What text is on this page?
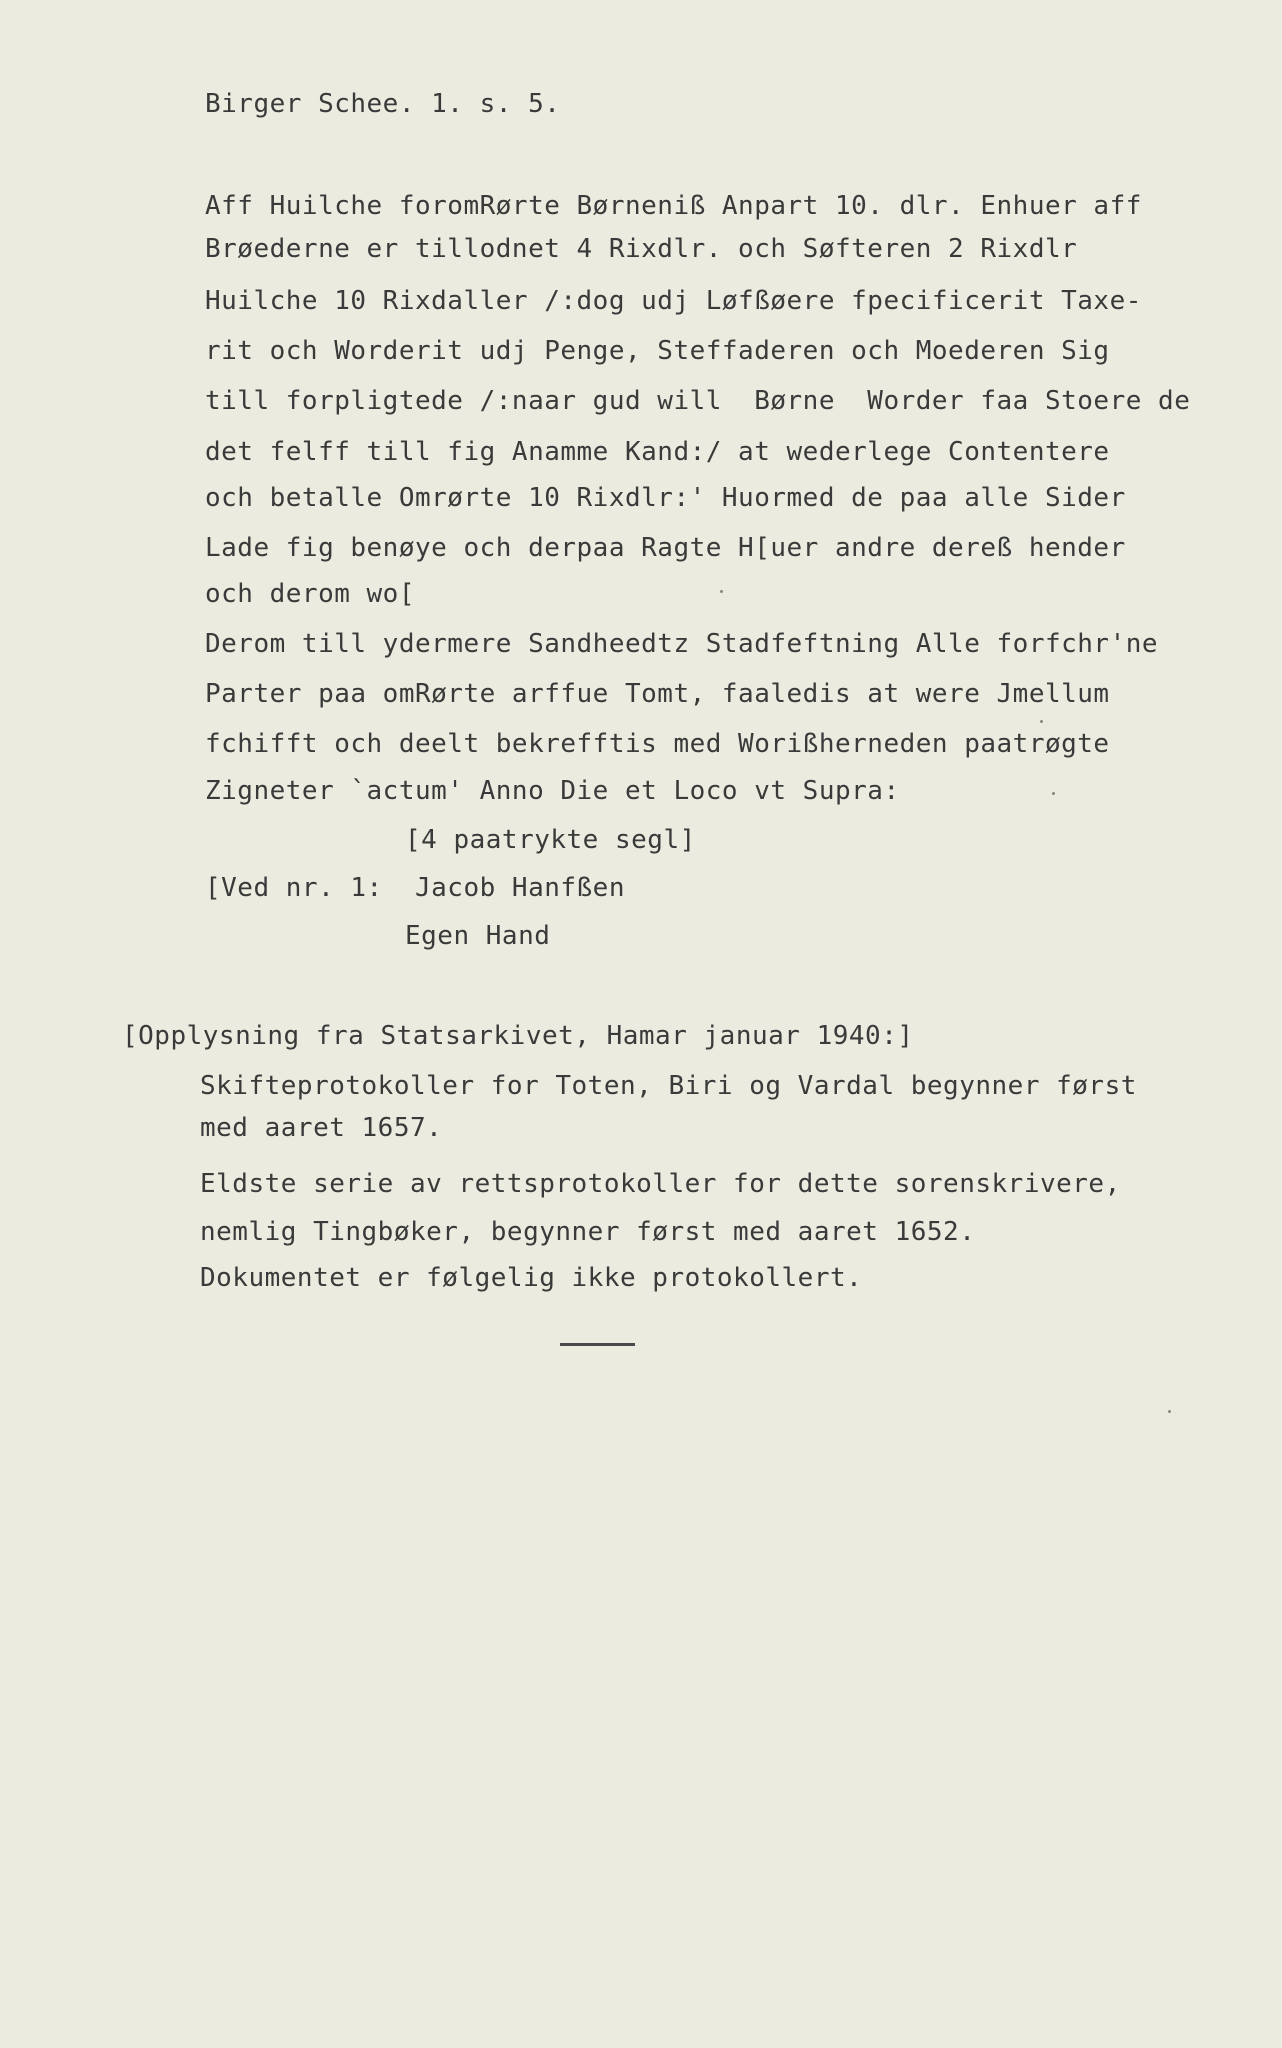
Birger Schee. 1. s. 5.
Aff Huilche foromRørte Børneniß Anpart 10. dlr. Enhuer aff
Brøederne er tillodnet 4 Rixdlr. och Søfteren 2 Rixdlr
Huilche 10 Rixdaller /:dog udj Løfßøere fpecificerit Taxe-
rit och Worderit udj Penge, Steffaderen och Moederen Sig
till forpligtede /:naar gud will  Børne  Worder faa Stoere de
det felff till fig Anamme Kand:/ at wederlege Contentere
och betalle Omrørte 10 Rixdlr:' Huormed de paa alle Sider
Lade fig benøye och derpaa Ragte H[uer andre dereß hender
och derom wo[
Derom till ydermere Sandheedtz Stadfeftning Alle forfchr'ne
Parter paa omRørte arffue Tomt, faaledis at were Jmellum
fchifft och deelt bekrefftis med Worißherneden paatrøgte
Zigneter `actum' Anno Die et Loco vt Supra:
[4 paatrykte segl]
[Ved nr. 1:  Jacob Hanfßen
Egen Hand
[Opplysning fra Statsarkivet, Hamar januar 1940:]
Skifteprotokoller for Toten, Biri og Vardal begynner først
med aaret 1657.
Eldste serie av rettsprotokoller for dette sorenskrivere,
nemlig Tingbøker, begynner først med aaret 1652.
Dokumentet er følgelig ikke protokollert.
